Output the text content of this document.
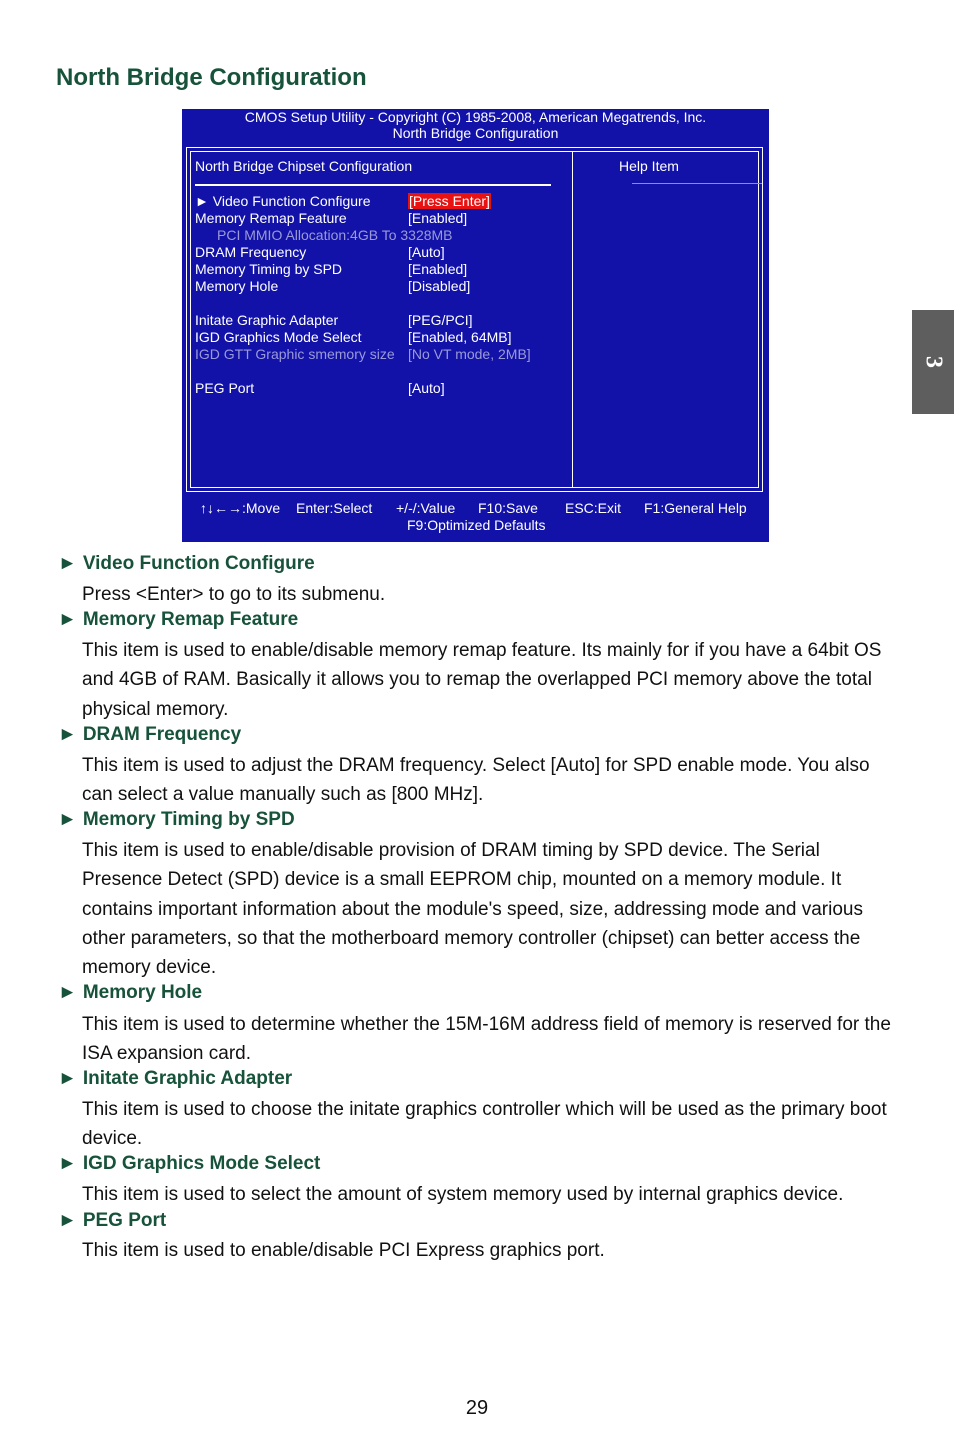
North Bridge Configuration
3
CMOS Setup Utility - Copyright (C) 1985-2008, American Megatrends, Inc.
North Bridge Configuration
North Bridge Chipset Configuration	Help Item
► Video Function Configure	[Press Enter]
Memory Remap Feature	[Enabled]
PCI MMIO Allocation:4GB To 3328MB
DRAM Frequency	[Auto]
Memory Timing by SPD	[Enabled]
Memory Hole	[Disabled]
Initate Graphic Adapter	[PEG/PCI]
IGD Graphics Mode Select	[Enabled, 64MB]
IGD GTT Graphic smemory size [No VT mode, 2MB]
PEG Port	[Auto]
↑↓←→:Move Enter:Select +/-/:Value F10:Save ESC:Exit F1:General Help
F9:Optimized Defaults
► Video Function Configure

Press <Enter> to go to its submenu.

► Memory Remap Feature

This item is used to enable/disable memory remap feature. Its mainly for if you have a 64bit OS and 4GB of RAM. Basically it allows you to remap the overlapped PCI memory above the total physical memory.

► DRAM Frequency

This item is used to adjust the DRAM frequency. Select [Auto] for SPD enable mode. You also can select a value manually such as [800 MHz].

► Memory Timing by SPD

This item is used to enable/disable provision of DRAM timing by SPD device. The Serial Presence Detect (SPD) device is a small EEPROM chip, mounted on a memory module. It contains important information about the module's speed, size, addressing mode and various other parameters, so that the motherboard memory controller (chipset) can better access the memory device.

► Memory Hole

This item is used to determine whether the 15M-16M address field of memory is reserved for the ISA expansion card.

► Initate Graphic Adapter

This item is used to choose the initate graphics controller which will be used as the primary boot device.

► IGD Graphics Mode Select

This item is used to select the amount of system memory used by internal graphics device.

► PEG Port

This item is used to enable/disable PCI Express graphics port.

29
